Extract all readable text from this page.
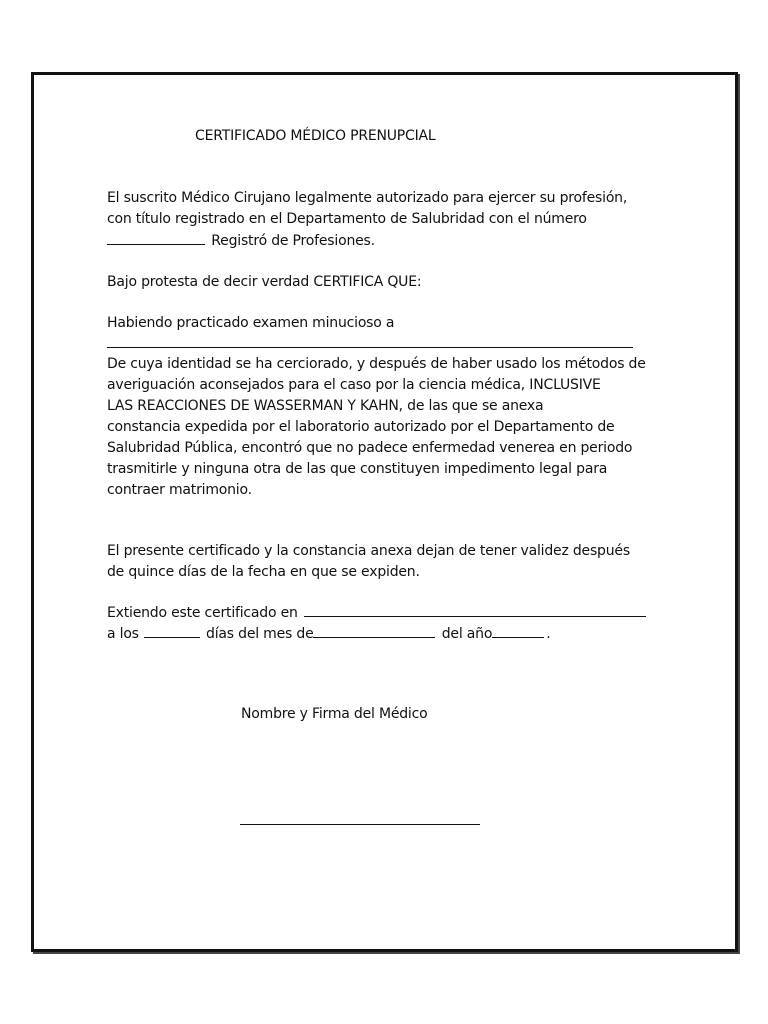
CERTIFICADO MÉDICO PRENUPCIAL
El suscrito Médico Cirujano legalmente autorizado para ejercer su profesión,
con título registrado en el Departamento de Salubridad con el número
Registró de Profesiones.
Bajo protesta de decir verdad CERTIFICA QUE:
Habiendo practicado examen minucioso a
De cuya identidad se ha cerciorado, y después de haber usado los métodos de
averiguación aconsejados para el caso por la ciencia médica, INCLUSIVE
LAS REACCIONES DE WASSERMAN Y KAHN, de las que se anexa
constancia expedida por el laboratorio autorizado por el Departamento de
Salubridad Pública, encontró que no padece enfermedad venerea en periodo
trasmitirle y ninguna otra de las que constituyen impedimento legal para
contraer matrimonio.
El presente certificado y la constancia anexa dejan de tener validez después
de quince días de la fecha en que se expiden.
Extiendo este certificado en
a los	días del mes de	del año	.
Nombre y Firma del Médico
